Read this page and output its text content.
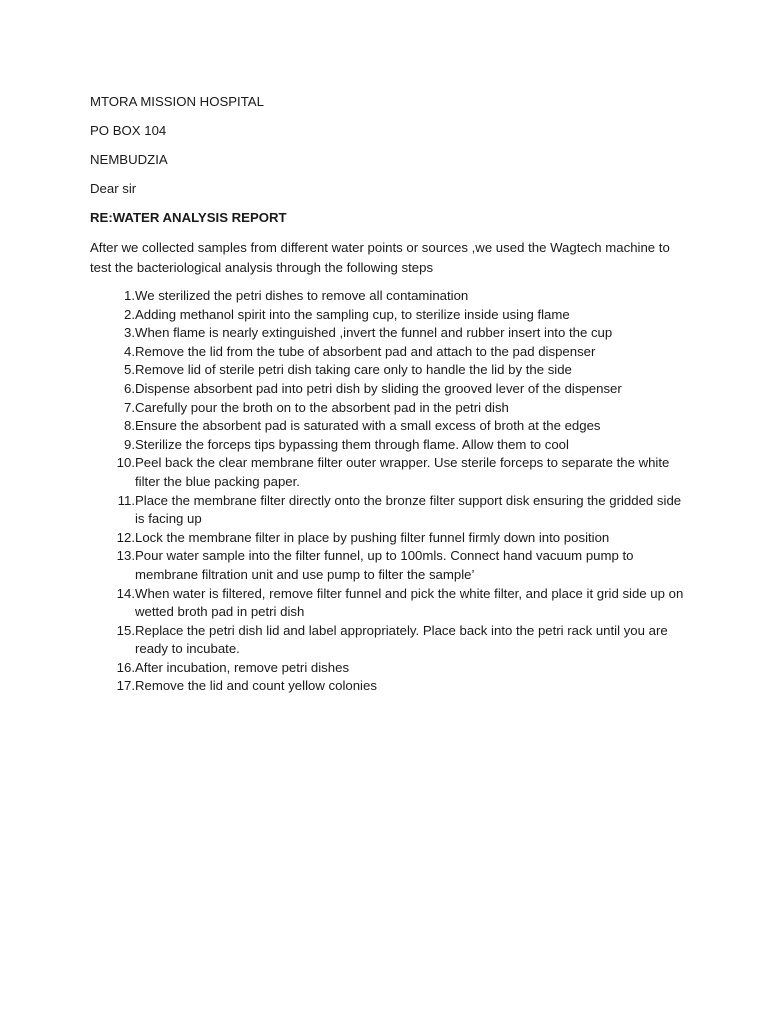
MTORA MISSION HOSPITAL

PO BOX 104

NEMBUDZIA

Dear sir

RE:WATER ANALYSIS REPORT

After we collected samples from different water points or sources ,we used the Wagtech machine to test the bacteriological analysis through the following steps

1. We sterilized the petri dishes to remove all contamination
2. Adding methanol spirit into the sampling cup, to sterilize inside using flame
3. When flame is nearly extinguished ,invert the funnel and rubber insert into the cup
4. Remove the lid from the tube of absorbent pad and attach to the pad dispenser
5. Remove lid of sterile petri dish taking care only to handle the lid by the side
6. Dispense absorbent pad into petri dish by sliding the grooved lever of the dispenser
7. Carefully pour the broth on to the absorbent pad in the petri dish
8. Ensure the absorbent pad is saturated with a small excess of broth at the edges
9. Sterilize the forceps tips bypassing them through flame. Allow them to cool
10. Peel back the clear membrane filter outer wrapper. Use sterile forceps to separate the white filter the blue packing paper.
11. Place the membrane filter directly onto the bronze filter support disk ensuring the gridded side is facing up
12. Lock the membrane filter in place by pushing filter funnel firmly down into position
13. Pour water sample into the filter funnel, up to 100mls. Connect hand vacuum pump to membrane filtration unit and use pump to filter the sample’
14. When water is filtered, remove filter funnel and pick the white filter, and place it grid side up on wetted broth pad in petri dish
15. Replace the petri dish lid and label appropriately. Place back into the petri rack until you are ready to incubate.
16. After incubation, remove petri dishes
17. Remove the lid and count yellow colonies
